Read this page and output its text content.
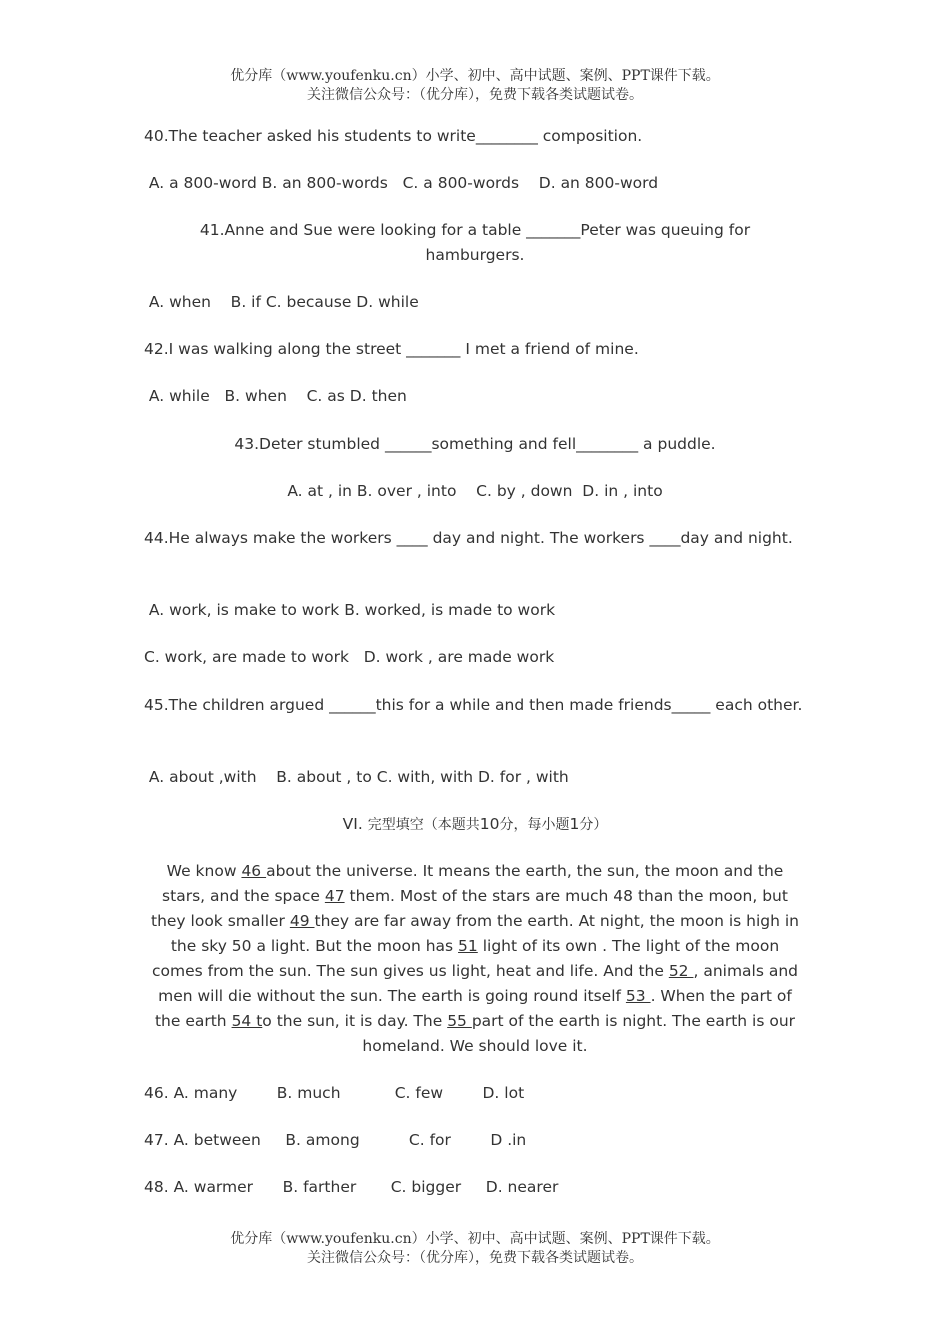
优分库（www.youfenku.cn）小学、初中、高中试题、案例、PPT课件下载。
关注微信公众号：（优分库），免费下载各类试题试卷。
40.The teacher asked his students to write________ composition.
A. a 800-word B. an 800-words   C. a 800-words    D. an 800-word
41.Anne and Sue were looking for a table _______Peter was queuing for hamburgers.
A. when    B. if C. because D. while
42.I was walking along the street _______ I met a friend of mine.
A. while   B. when    C. as D. then
43.Deter stumbled ______something and fell________ a puddle.
A. at , in B. over , into    C. by , down  D. in , into
44.He always make the workers ____ day and night. The workers ____day and night.
A. work, is make to work B. worked, is made to work
C. work, are made to work   D. work , are made work
45.The children argued ______this for a while and then made friends_____ each other.
A. about ,with    B. about , to C. with, with D. for , with
VI. 完型填空（本题共10分，每小题1分）
We know 46 about the universe. It means the earth, the sun, the moon and the stars, and the space 47 them. Most of the stars are much 48 than the moon, but they look smaller 49 they are far away from the earth. At night, the moon is high in the sky 50 a light. But the moon has 51 light of its own . The light of the moon comes from the sun. The sun gives us light, heat and life. And the 52 , animals and men will die without the sun. The earth is going round itself 53 . When the part of the earth 54 to the sun, it is day. The 55 part of the earth is night. The earth is our homeland. We should love it.
46. A. many        B. much           C. few        D. lot
47. A. between     B. among          C. for        D .in
48. A. warmer      B. farther       C. bigger     D. nearer
优分库（www.youfenku.cn）小学、初中、高中试题、案例、PPT课件下载。
关注微信公众号：（优分库），免费下载各类试题试卷。
